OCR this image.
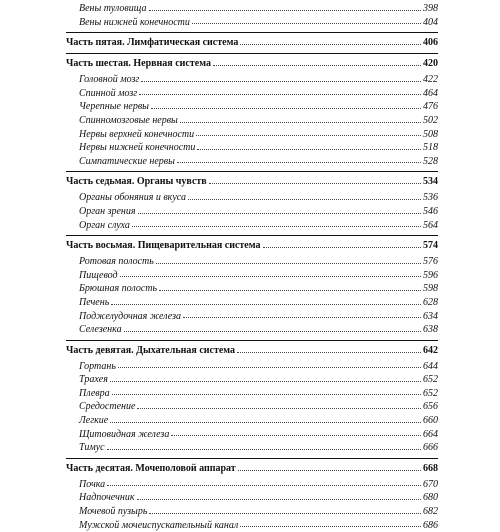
Вены туловища	398
Вены нижней конечности	404
Часть пятая. Лимфатическая система	406
Часть шестая. Нервная система	420
Головной мозг	422
Спинной мозг	464
Черепные нервы	476
Спинномозговые нервы	502
Нервы верхней конечности	508
Нервы нижней конечности	518
Симпатические нервы	528
Часть седьмая. Органы чувств	534
Органы обоняния и вкуса	536
Орган зрения	546
Орган слуха	564
Часть восьмая. Пищеварительная система	574
Ротовая полость	576
Пищевод	596
Брюшная полость	598
Печень	628
Поджелудочная железа	634
Селезенка	638
Часть девятая. Дыхательная система	642
Гортань	644
Трахея	652
Плевра	652
Средостение	656
Легкие	660
Щитовидная железа	664
Тимус	666
Часть десятая. Мочеполовой аппарат	668
Почка	670
Надпочечник	680
Мочевой пузырь	682
Мужской мочеиспускательный канал	686
